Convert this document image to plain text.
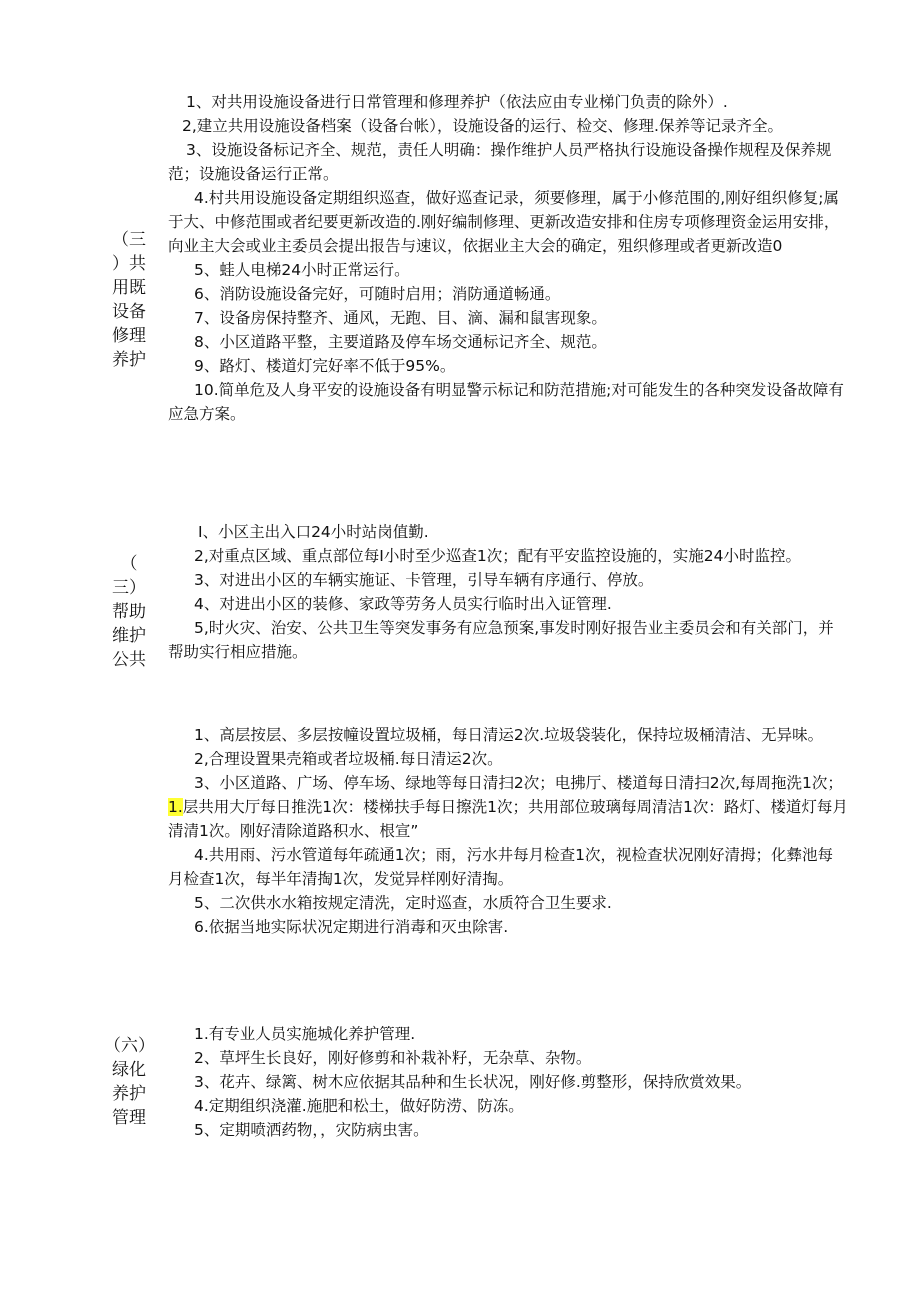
（三
）共
用既
设备
修理
养护

1、对共用设施设备进行日常管理和修理养护（依法应由专业梯门负责的除外）.

2,建立共用设施设备档案（设备台帐），设施设备的运行、检交、修理.保养等记录齐全。

3、设施设备标记齐全、规范，责任人明确：操作维护人员严格执行设施设备操作规程及保养规范；设施设备运行正常。

4.村共用设施设备定期组织巡查，做好巡查记录，须要修理，属于小修范围的,刚好组织修复;属于大、中修范围或者纪要更新改造的.刚好编制修理、更新改造安排和住房专项修理资金运用安排，向业主大会或业主委员会提出报告与速议，依据业主大会的确定，殂织修理或者更新改造0

5、蛙人电梯24小时正常运行。

6、消防设施设备完好，可随时启用；消防通道畅通。

7、设备房保持整齐、通风，无跑、目、滴、漏和鼠害现象。

8、小区道路平整，主要道路及停车场交通标记齐全、规范。

9、路灯、楼道灯完好率不低于95%。

10.简单危及人身平安的设施设备有明显警示标记和防范措施;对可能发生的各种突发设备故障有应急方案。

（
三）
帮助
维护
公共

I、小区主出入口24小时站岗值勤.

2,对重点区域、重点部位每I小时至少巡查1次；配有平安监控设施的，实施24小时监控。

3、对进出小区的车辆实施证、卡管理，引导车辆有序通行、停放。

4、对进出小区的装修、家政等劳务人员实行临时出入证管理.

5,时火灾、治安、公共卫生等突发事务有应急预案,事发时刚好报告业主委员会和有关部门，并帮助实行相应措施。

1、高层按层、多层按幢设置垃圾桶，每日清运2次.垃圾袋装化，保持垃圾桶清洁、无异味。

2,合理设置果壳箱或者垃圾桶.每日清运2次。

3、小区道路、广场、停车场、绿地等每日清扫2次；电拂厅、楼道每日清扫2次,每周拖洗1次；1.层共用大厅每日推洗1次：楼梯扶手每日擦洗1次；共用部位玻璃每周清洁1次：路灯、楼道灯每月清清1次。刚好清除道路积水、根宣”

4.共用雨、污水管道每年疏通1次；雨，污水井每月检查1次，视检查状况刚好清拇；化彝池每月检查1次，每半年清掏1次，发觉异样刚好清掏。

5、二次供水水箱按规定清洗，定时巡查，水质符合卫生要求.

6.依据当地实际状况定期进行消毒和灭虫除害.

（六）
绿化
养护
管理

1.有专业人员实施城化养护管理.

2、草坪生长良好，刚好修剪和补栽补籽，无杂草、杂物。

3、花卉、绿篱、树木应依据其品种和生长状况，刚好修.剪整形，保持欣赏效果。

4.定期组织浇灌.施肥和松土，做好防涝、防冻。

5、定期喷洒药物，，灾防病虫害。
